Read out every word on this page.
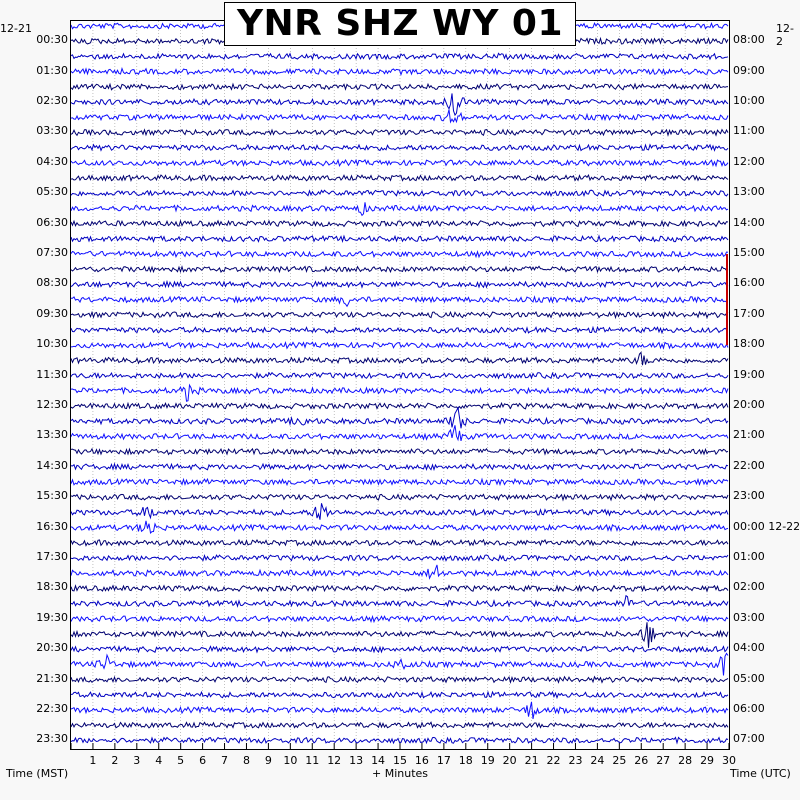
YNR SHZ WY 01
12-21	12-2
00:30
01:30
02:30
03:30
04:30
05:30
06:30
07:30
08:30
09:30
10:30
11:30
12:30
13:30
14:30
15:30
16:30
17:30
18:30
19:30
20:30
21:30
22:30
23:30
08:00
09:00
10:00
11:00
12:00
13:00
14:00
15:00
16:00
17:00
18:00
19:00
20:00
21:00
22:00
23:00
00:00 12-22
01:00
02:00
03:00
04:00
05:00
06:00
07:00
1 2 3 4 5 6 7 8 9 10 11 12 13 14 15 16 17 18 19 20 21 22 23 24 25 26 27 28 29 30
Time (MST)	+ Minutes	Time (UTC)
